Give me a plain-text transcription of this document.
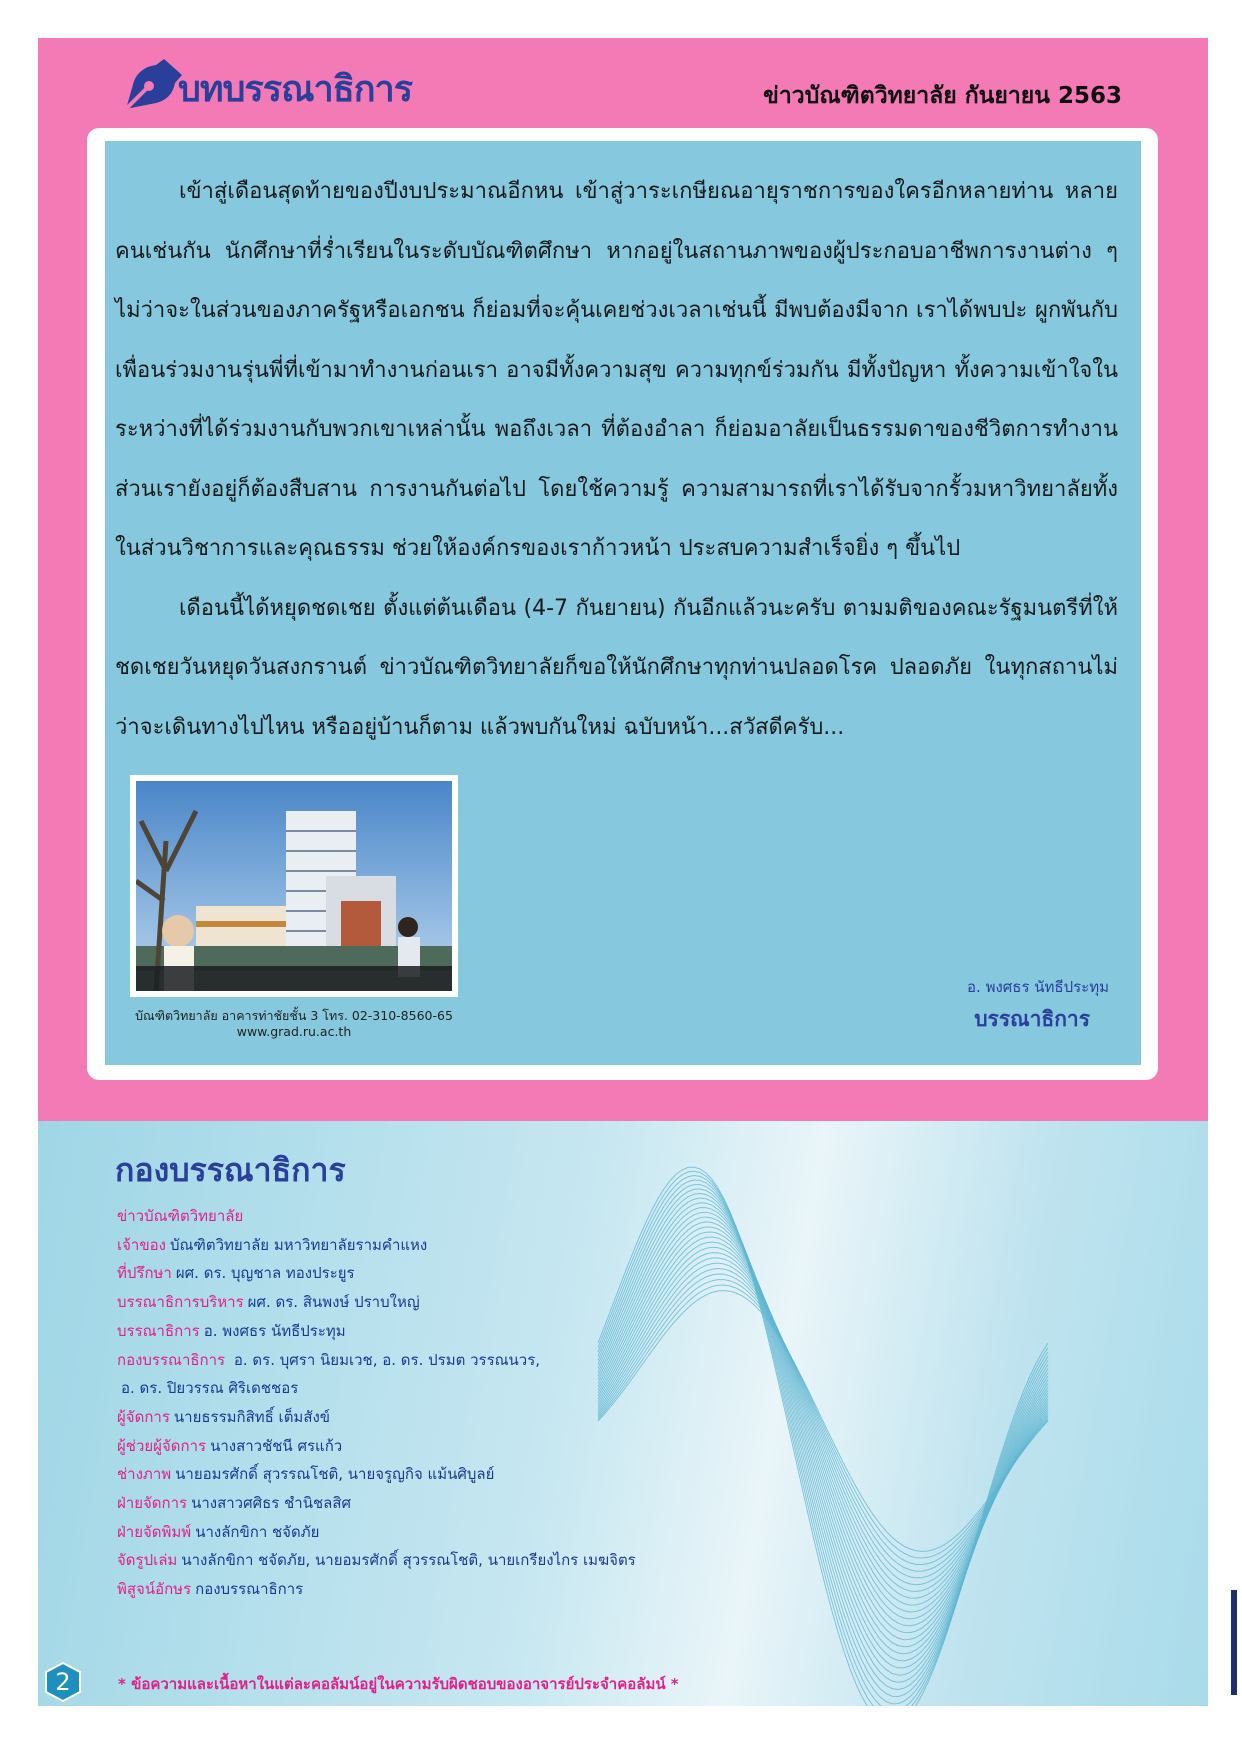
บทบรรณาธิการ	ข่าวบัณฑิตวิทยาลัย กันยายน 2563

เข้าสู่เดือนสุดท้ายของปีงบประมาณอีกหน เข้าสู่วาระเกษียณอายุราชการของใครอีกหลายท่าน หลายคนเช่นกัน นักศึกษาที่ร่ำเรียนในระดับบัณฑิตศึกษา หากอยู่ในสถานภาพของผู้ประกอบอาชีพการงานต่าง ๆ ไม่ว่าจะในส่วนของภาครัฐหรือเอกชน ก็ย่อมที่จะคุ้นเคยช่วงเวลาเช่นนี้ มีพบต้องมีจาก เราได้พบปะ ผูกพันกับเพื่อนร่วมงานรุ่นพี่ที่เข้ามาทำงานก่อนเรา อาจมีทั้งความสุข ความทุกข์ร่วมกัน มีทั้งปัญหา ทั้งความเข้าใจในระหว่างที่ได้ร่วมงานกับพวกเขาเหล่านั้น พอถึงเวลา ที่ต้องอำลา ก็ย่อมอาลัยเป็นธรรมดาของชีวิตการทำงาน ส่วนเรายังอยู่ก็ต้องสืบสาน การงานกันต่อไป โดยใช้ความรู้ ความสามารถที่เราได้รับจากรั้วมหาวิทยาลัยทั้งในส่วนวิชาการและคุณธรรม ช่วยให้องค์กรของเราก้าวหน้า ประสบความสำเร็จยิ่ง ๆ ขึ้นไป

เดือนนี้ได้หยุดชดเชย ตั้งแต่ต้นเดือน (4-7 กันยายน) กันอีกแล้วนะครับ ตามมติของคณะรัฐมนตรีที่ให้ชดเชยวันหยุดวันสงกรานต์ ข่าวบัณฑิตวิทยาลัยก็ขอให้นักศึกษาทุกท่านปลอดโรค ปลอดภัย ในทุกสถานไม่ว่าจะเดินทางไปไหน หรืออยู่บ้านก็ตาม แล้วพบกันใหม่ ฉบับหน้า...สวัสดีครับ...

บัณฑิตวิทยาลัย อาคารท่าชัยชั้น 3 โทร. 02-310-8560-65
www.grad.ru.ac.th
อ. พงศธร นัทธีประทุม
บรรณาธิการ
กองบรรณาธิการ
ข่าวบัณฑิตวิทยาลัย
เจ้าของ บัณฑิตวิทยาลัย มหาวิทยาลัยรามคำแหง
ที่ปรึกษา ผศ. ดร. บุญชาล ทองประยูร
บรรณาธิการบริหาร ผศ. ดร. สินพงษ์ ปราบใหญ่
บรรณาธิการ อ. พงศธร นัทธีประทุม
กองบรรณาธิการ อ. ดร. บุศรา นิยมเวช, อ. ดร. ปรมต วรรณนวร,
อ. ดร. ปิยวรรณ ศิริเดชชอร
ผู้จัดการ นายธรรมกิสิทธิ์ เต็มสังข์
ผู้ช่วยผู้จัดการ นางสาวชัชนี ศรแก้ว
ช่างภาพ นายอมรศักดิ์ สุวรรณโชติ, นายจรูญกิจ แม้นศิบูลย์
ฝ่ายจัดการ นางสาวศศิธร ชำนิชลสิศ
ฝ่ายจัดพิมพ์ นางลักขิกา ชจัดภัย
จัดรูปเล่ม นางลักขิกา ชจัดภัย, นายอมรศักดิ์ สุวรรณโชติ, นายเกรียงไกร เมฆจิตร
พิสูจน์อักษร กองบรรณาธิการ
2	* ข้อความและเนื้อหาในแต่ละคอลัมน์อยู่ในความรับผิดชอบของอาจารย์ประจำคอลัมน์ *
